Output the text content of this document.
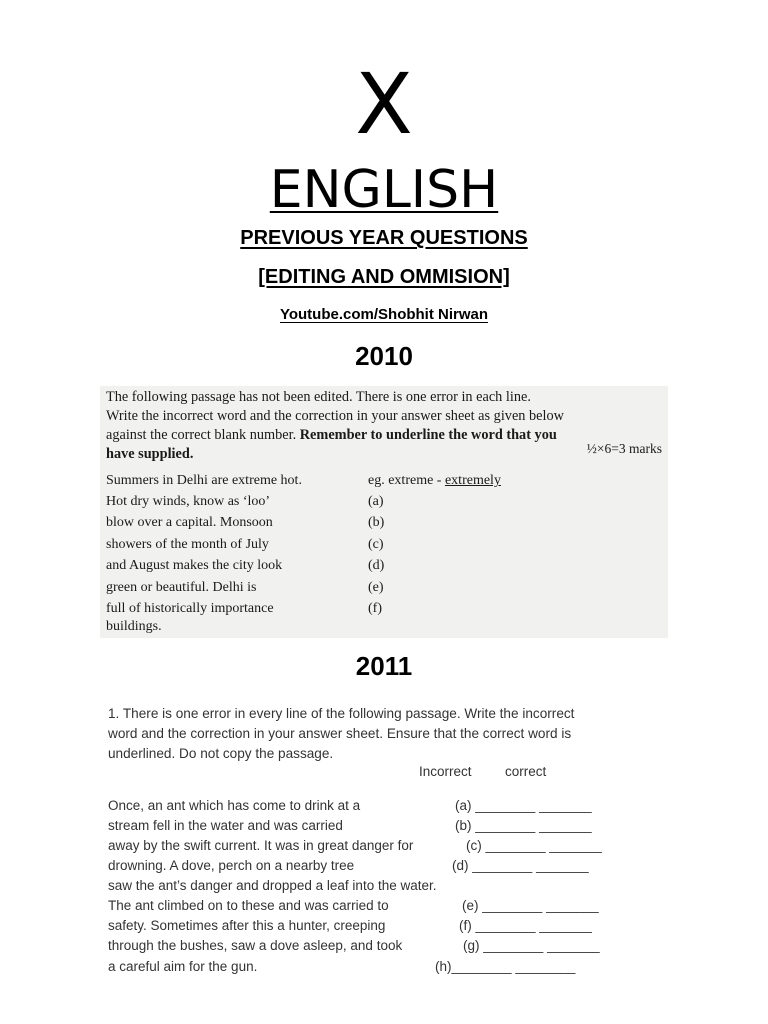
X
ENGLISH
PREVIOUS YEAR QUESTIONS
[EDITING AND OMMISION]
Youtube.com/Shobhit Nirwan
2010
The following passage has not been edited. There is one error in each line.
Write the incorrect word and the correction in your answer sheet as given below
against the correct blank number. Remember to underline the word that you
have supplied.	½×6=3 marks
Summers in Delhi are extreme hot.	eg. extreme - extremely
Hot dry winds, know as ‘loo’	(a)
blow over a capital. Monsoon	(b)
showers of the month of July	(c)
and August makes the city look	(d)
green or beautiful. Delhi is	(e)
full of historically importance	(f)
buildings.
2011
1. There is one error in every line of the following passage. Write the incorrect
word and the correction in your answer sheet. Ensure that the correct word is
underlined. Do not copy the passage.
Incorrect correct
Once, an ant which has come to drink at a	(a) ________ _______
stream fell in the water and was carried	(b) ________ _______
away by the swift current. It was in great danger for	(c) ________ _______
drowning. A dove, perch on a nearby tree	(d) ________ _______
saw the ant’s danger and dropped a leaf into the water.
The ant climbed on to these and was carried to	(e) ________ _______
safety. Sometimes after this a hunter, creeping	(f) ________ _______
through the bushes, saw a dove asleep, and took	(g) ________ _______
a careful aim for the gun.	(h)________ ________
